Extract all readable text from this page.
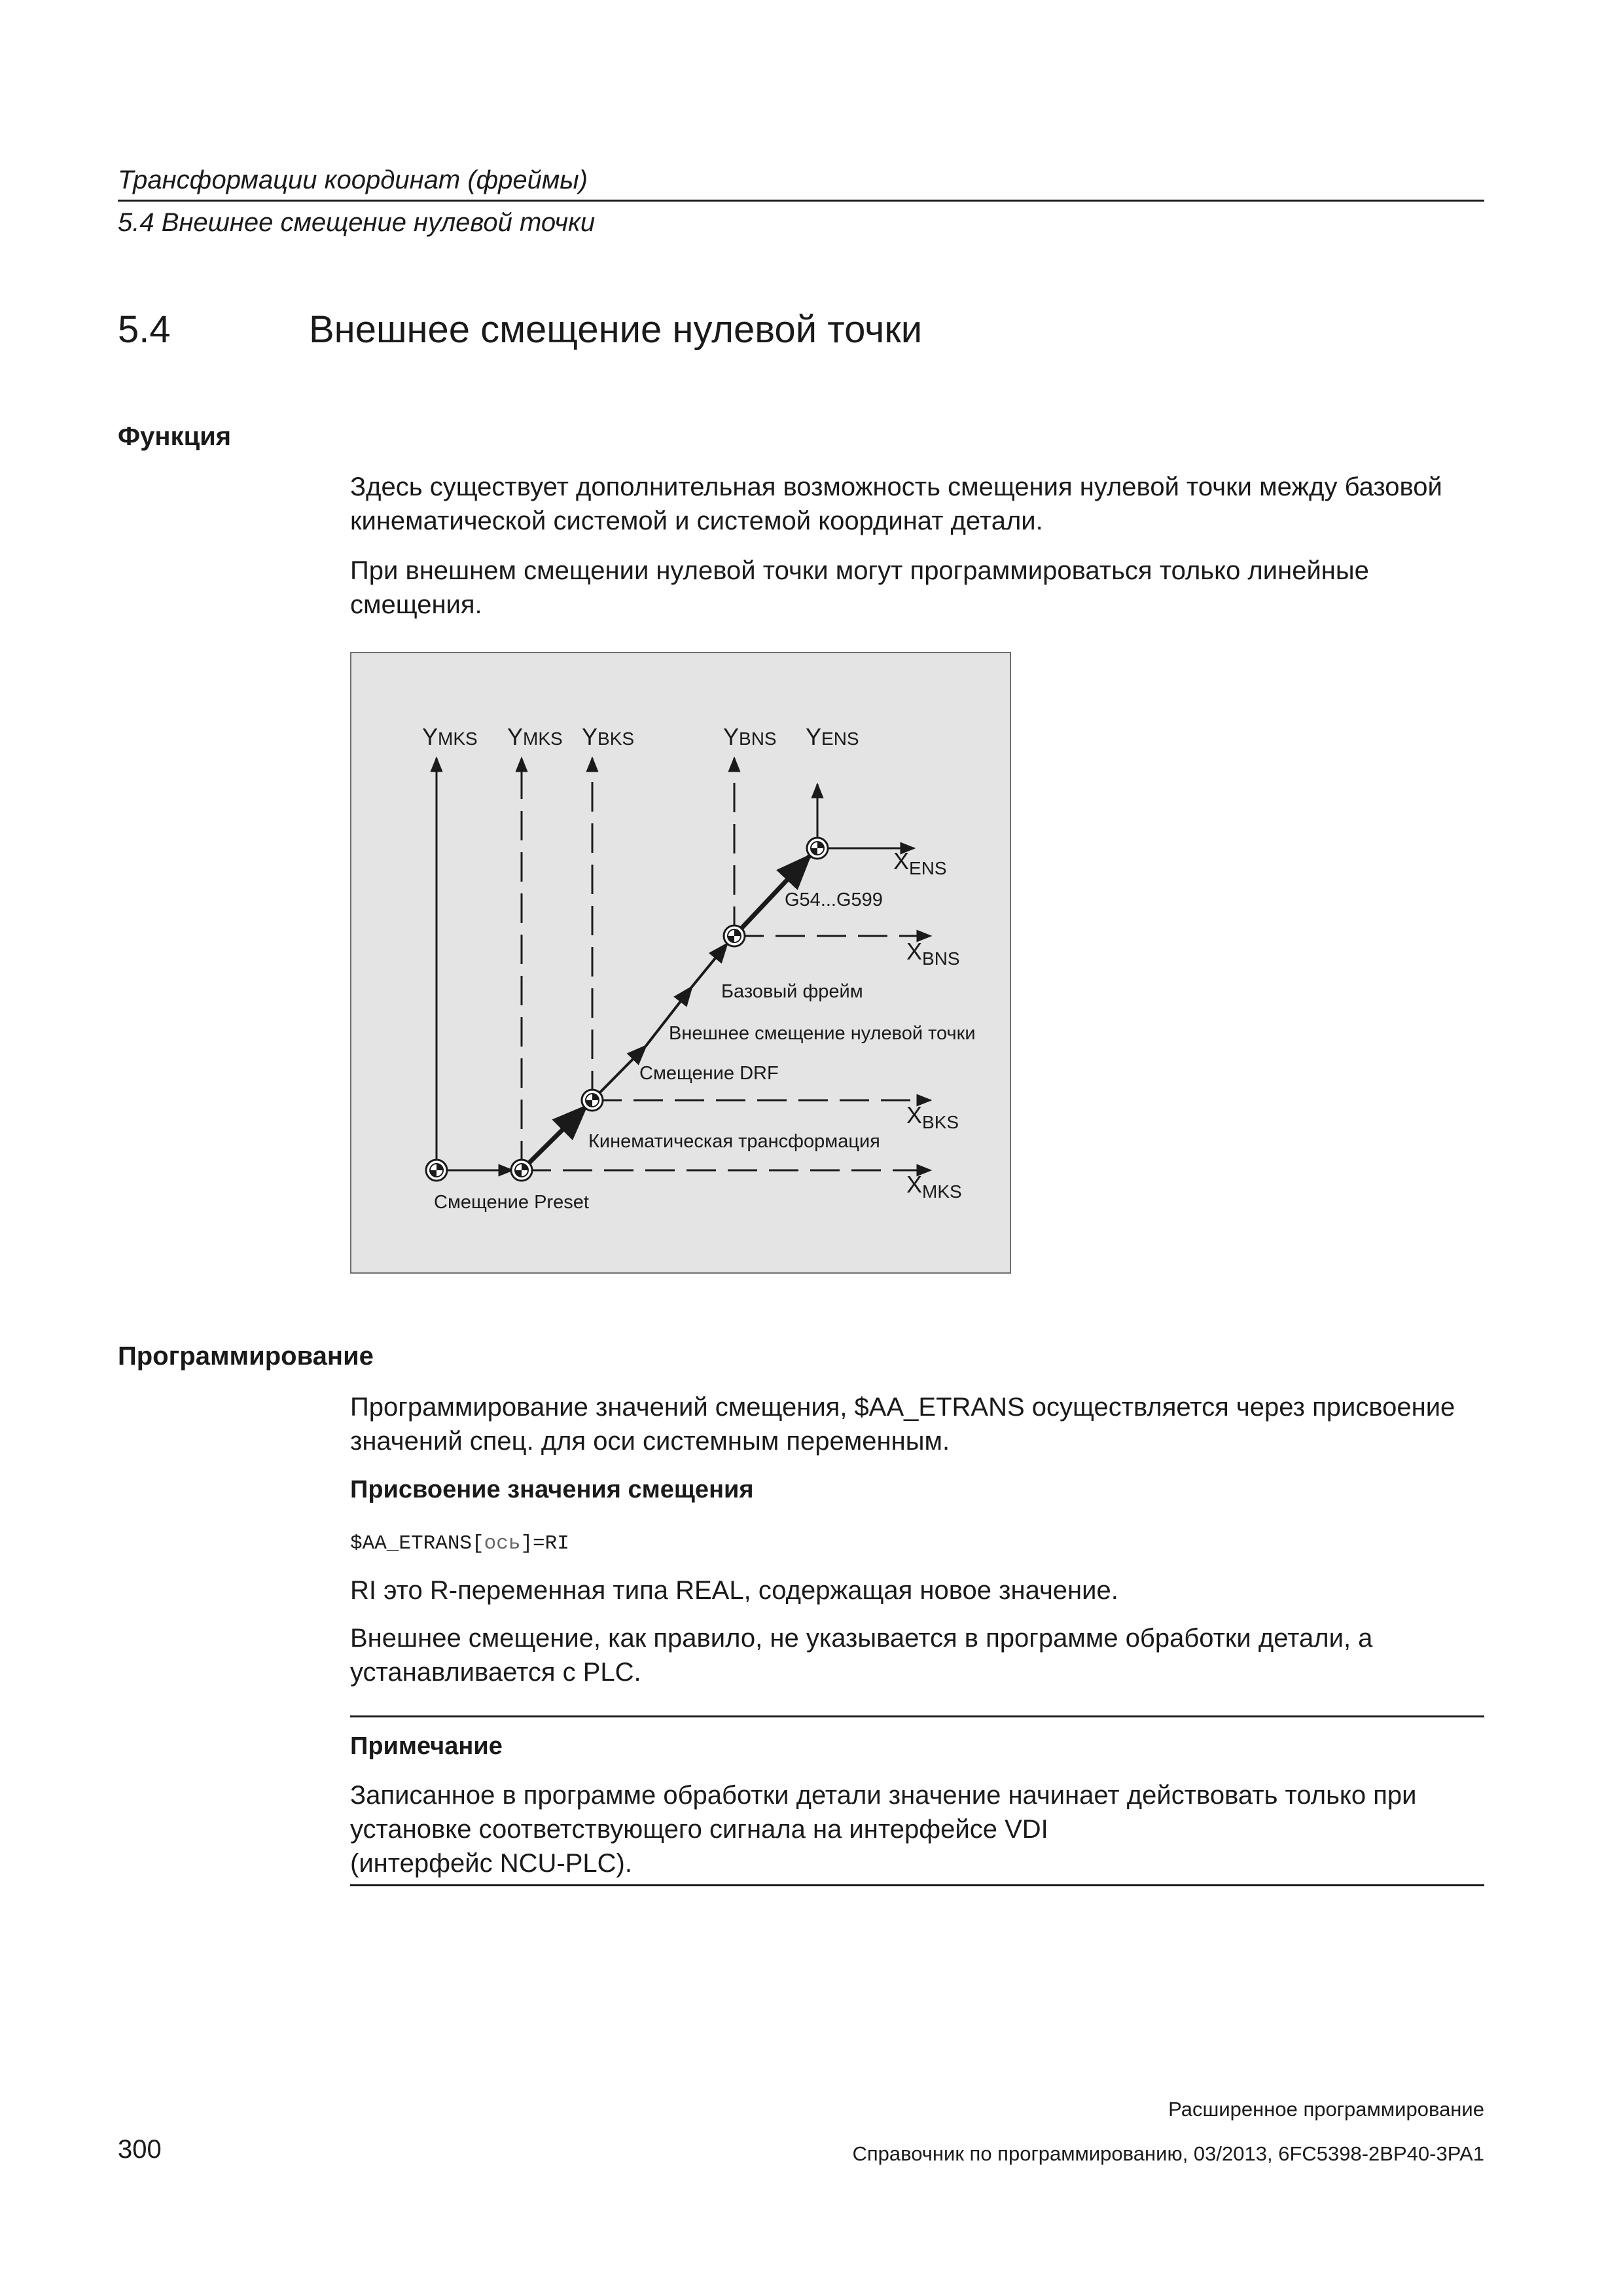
Трансформации координат (фреймы)
5.4 Внешнее смещение нулевой точки
5.4	Внешнее смещение нулевой точки
Функция

Здесь существует дополнительная возможность смещения нулевой точки между базовой кинематической системой и системой координат детали.

При внешнем смещении нулевой точки могут программироваться только линейные смещения.

YMKS YMKS YBKS	YBNS YENS
$X_{ENS}$
$X_{BNS}$
$X_{BKS}$
$X_{MKS}$
G54...G599
Базовый фрейм
Внешнее смещение нулевой точки
Смещение DRF
Кинематическая трансформация
Смещение Preset
Программирование

Программирование значений смещения, $AA_ETRANS осуществляется через присвоение значений спец. для оси системным переменным.

Присвоение значения смещения
$AA_ETRANS[ось]=RI

RI это R-переменная типа REAL, содержащая новое значение.

Внешнее смещение, как правило, не указывается в программе обработки детали, а устанавливается с PLC.

Примечание
Записанное в программе обработки детали значение начинает действовать только при
установке соответствующего сигнала на интерфейсе VDI
(интерфейс NCU-PLC).
Расширенное программирование
300	Справочник по программированию, 03/2013, 6FC5398-2BP40-3PA1
